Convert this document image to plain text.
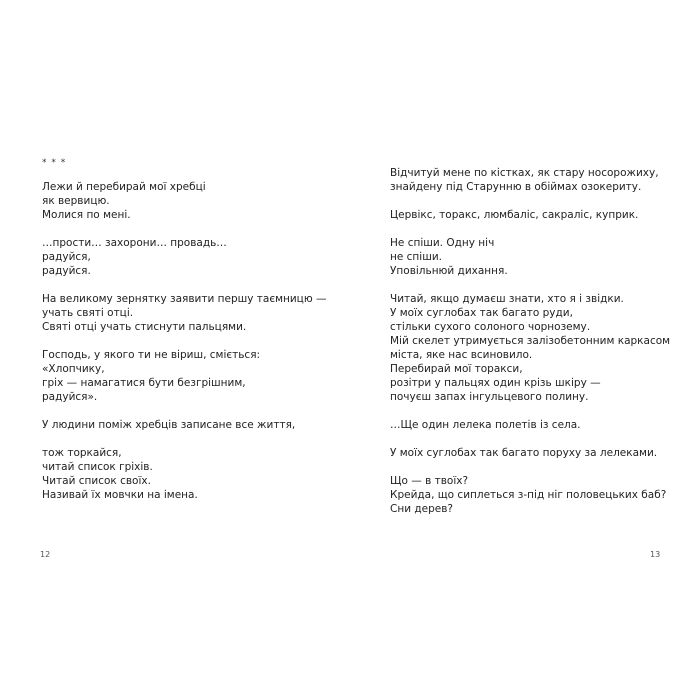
* * *

Лежи й перебирай мої хребці
як вервицю.
Молися по мені.

…прости… захорони… провадь…
радуйся,
радуйся.

На великому зернятку заявити першу таємницю —
учать святі отці.
Святі отці учать стиснути пальцями.

Господь, у якого ти не віриш, сміється:
«Хлопчику,
гріх — намагатися бути безгрішним,
радуйся».

У людини поміж хребців записане все життя,

тож торкайся,
читай список гріхів.
Читай список своїх.
Називай їх мовчки на імена.

12

Відчитуй мене по кістках, як стару носорожиху,
знайдену під Старунню в обіймах озокериту.

Цервікс, торакс, люмбаліс, сакраліс, куприк.

Не спіши. Одну ніч
не спіши.
Уповільнюй дихання.

Читай, якщо думаєш знати, хто я і звідки.
У моїх суглобах так багато руди,
стільки сухого солоного чорнозему.
Мій скелет утримується залізобетонним каркасом
міста, яке нас всиновило.
Перебирай мої торакси,
розітри у пальцях один крізь шкіру —
почуєш запах інгульцевого полину.

…Ще один лелека полетів із села.

У моїх суглобах так багато поруху за лелеками.

Що — в твоїх?
Крейда, що сиплеться з-під ніг половецьких баб?
Сни дерев?

13
